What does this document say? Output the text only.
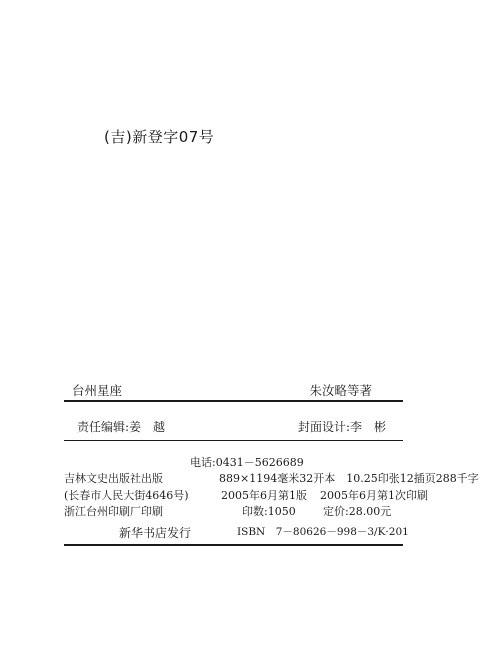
(吉)新登字07号
台州星座	朱汝略等著
责任编辑:姜　越	封面设计:李　彬
电话:0431－5626689
吉林文史出版社出版	889×1194毫米32开本　10.25印张12插页288千字
(长春市人民大街4646号)	2005年6月第1版 2005年6月第1次印刷
浙江台州印刷厂印刷	印数:1050 定价:28.00元
新华书店发行	ISBN　7－80626－998－3/K·201
